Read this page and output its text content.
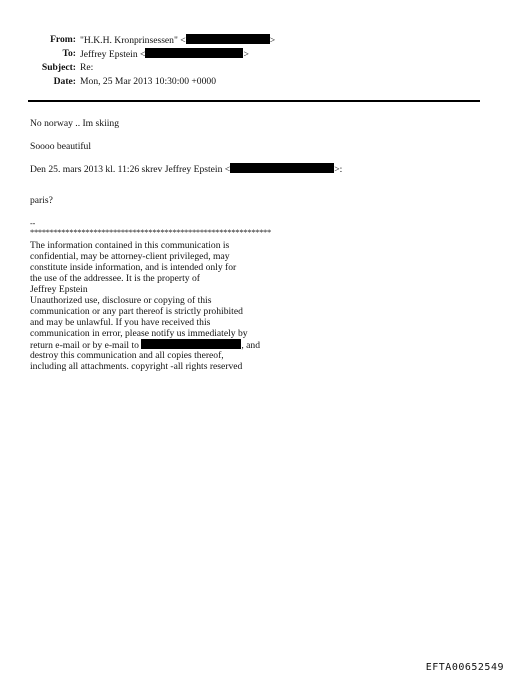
From: "H.K.H. Kronprinsessen" <	>
To: Jeffrey Epstein <	>
Subject: Re:
Date: Mon, 25 Mar 2013 10:30:00 +0000
No norway .. Im skiing
Soooo beautiful
Den 25. mars 2013 kl. 11:26 skrev Jeffrey Epstein <	>:
paris?
--
*************************************************************
The information contained in this communication is
confidential, may be attorney-client privileged, may
constitute inside information, and is intended only for
the use of the addressee. It is the property of
Jeffrey Epstein
Unauthorized use, disclosure or copying of this
communication or any part thereof is strictly prohibited
and may be unlawful. If you have received this
communication in error, please notify us immediately by
return e-mail or by e-mail to	, and
destroy this communication and all copies thereof,
including all attachments. copyright -all rights reserved
EFTA00652549
